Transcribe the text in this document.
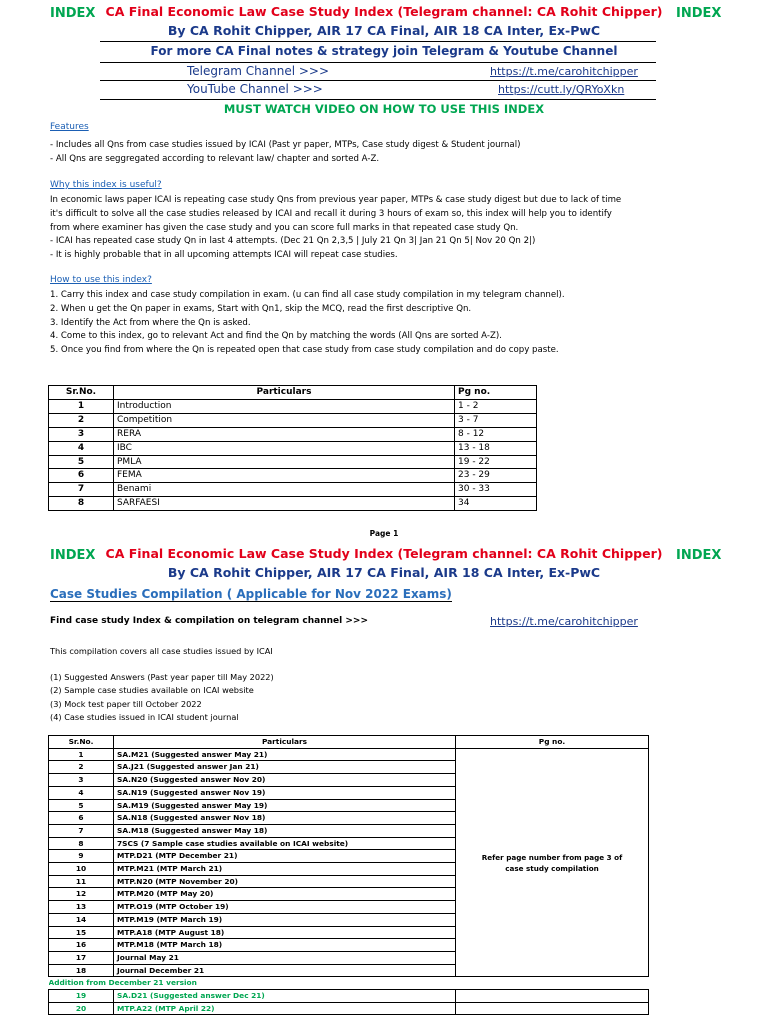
INDEX	INDEX
CA Final Economic Law Case Study Index (Telegram channel: CA Rohit Chipper)
By CA Rohit Chipper, AIR 17 CA Final, AIR 18 CA Inter, Ex-PwC
For more CA Final notes & strategy join Telegram & Youtube Channel
Telegram Channel >>>	https://t.me/carohitchipper
YouTube Channel >>>	https://cutt.ly/QRYoXkn
MUST WATCH VIDEO ON HOW TO USE THIS INDEX
Features

- Includes all Qns from case studies issued by ICAI (Past yr paper, MTPs, Case study digest & Student journal)

- All Qns are seggregated according to relevant law/ chapter and sorted A-Z.

Why this index is useful?

In economic laws paper ICAI is repeating case study Qns from previous year paper, MTPs & case study digest but due to lack of time

it's difficult to solve all the case studies released by ICAI and recall it during 3 hours of exam so, this index will help you to identify

from where examiner has given the case study and you can score full marks in that repeated case study Qn.

- ICAI has repeated case study Qn in last 4 attempts. (Dec 21 Qn 2,3,5 | July 21 Qn 3| Jan 21 Qn 5| Nov 20 Qn 2|)

- It is highly probable that in all upcoming attempts ICAI will repeat case studies.

How to use this index?

1. Carry this index and case study compilation in exam. (u can find all case study compilation in my telegram channel).

2. When u get the Qn paper in exams, Start with Qn1, skip the MCQ, read the first descriptive Qn.

3. Identify the Act from where the Qn is asked.

4. Come to this index, go to relevant Act and find the Qn by matching the words (All Qns are sorted A-Z).

5. Once you find from where the Qn is repeated open that case study from case study compilation and do copy paste.

Sr.No.	Particulars	Pg no.
1	Introduction	1 - 2
2	Competition	3 - 7
3	RERA	8 - 12
4	IBC	13 - 18
5	PMLA	19 - 22
6	FEMA	23 - 29
7	Benami	30 - 33
8	SARFAESI	34
Page 1
INDEX	INDEX
CA Final Economic Law Case Study Index (Telegram channel: CA Rohit Chipper)
By CA Rohit Chipper, AIR 17 CA Final, AIR 18 CA Inter, Ex-PwC
Case Studies Compilation ( Applicable for Nov 2022 Exams)
Find case study Index & compilation on telegram channel >>>	https://t.me/carohitchipper
This compilation covers all case studies issued by ICAI

(1) Suggested Answers (Past year paper till May 2022)

(2) Sample case studies available on ICAI website

(3) Mock test paper till October 2022

(4) Case studies issued in ICAI student journal

Sr.No.	Particulars	Pg no.
1	SA.M21 (Suggested answer May 21)	Refer page number from page 3 of case study compilation

2	SA.J21 (Suggested answer Jan 21)	
3	SA.N20 (Suggested answer Nov 20)	
4	SA.N19 (Suggested answer Nov 19)	
5	SA.M19 (Suggested answer May 19)	
6	SA.N18 (Suggested answer Nov 18)	
7	SA.M18 (Suggested answer May 18)	
8	7SCS (7 Sample case studies available on ICAI website)	
9	MTP.D21 (MTP December 21)	
10	MTP.M21 (MTP March 21)	
11	MTP.N20 (MTP November 20)	
12	MTP.M20 (MTP May 20)	
13	MTP.O19 (MTP October 19)	
14	MTP.M19 (MTP March 19)	
15	MTP.A18 (MTP August 18)	
16	MTP.M18 (MTP March 18)	
17	Journal May 21	
18	Journal December 21	
Addition from December 21 version		
19	SA.D21 (Suggested answer Dec 21)	
20	MTP.A22 (MTP April 22)	
